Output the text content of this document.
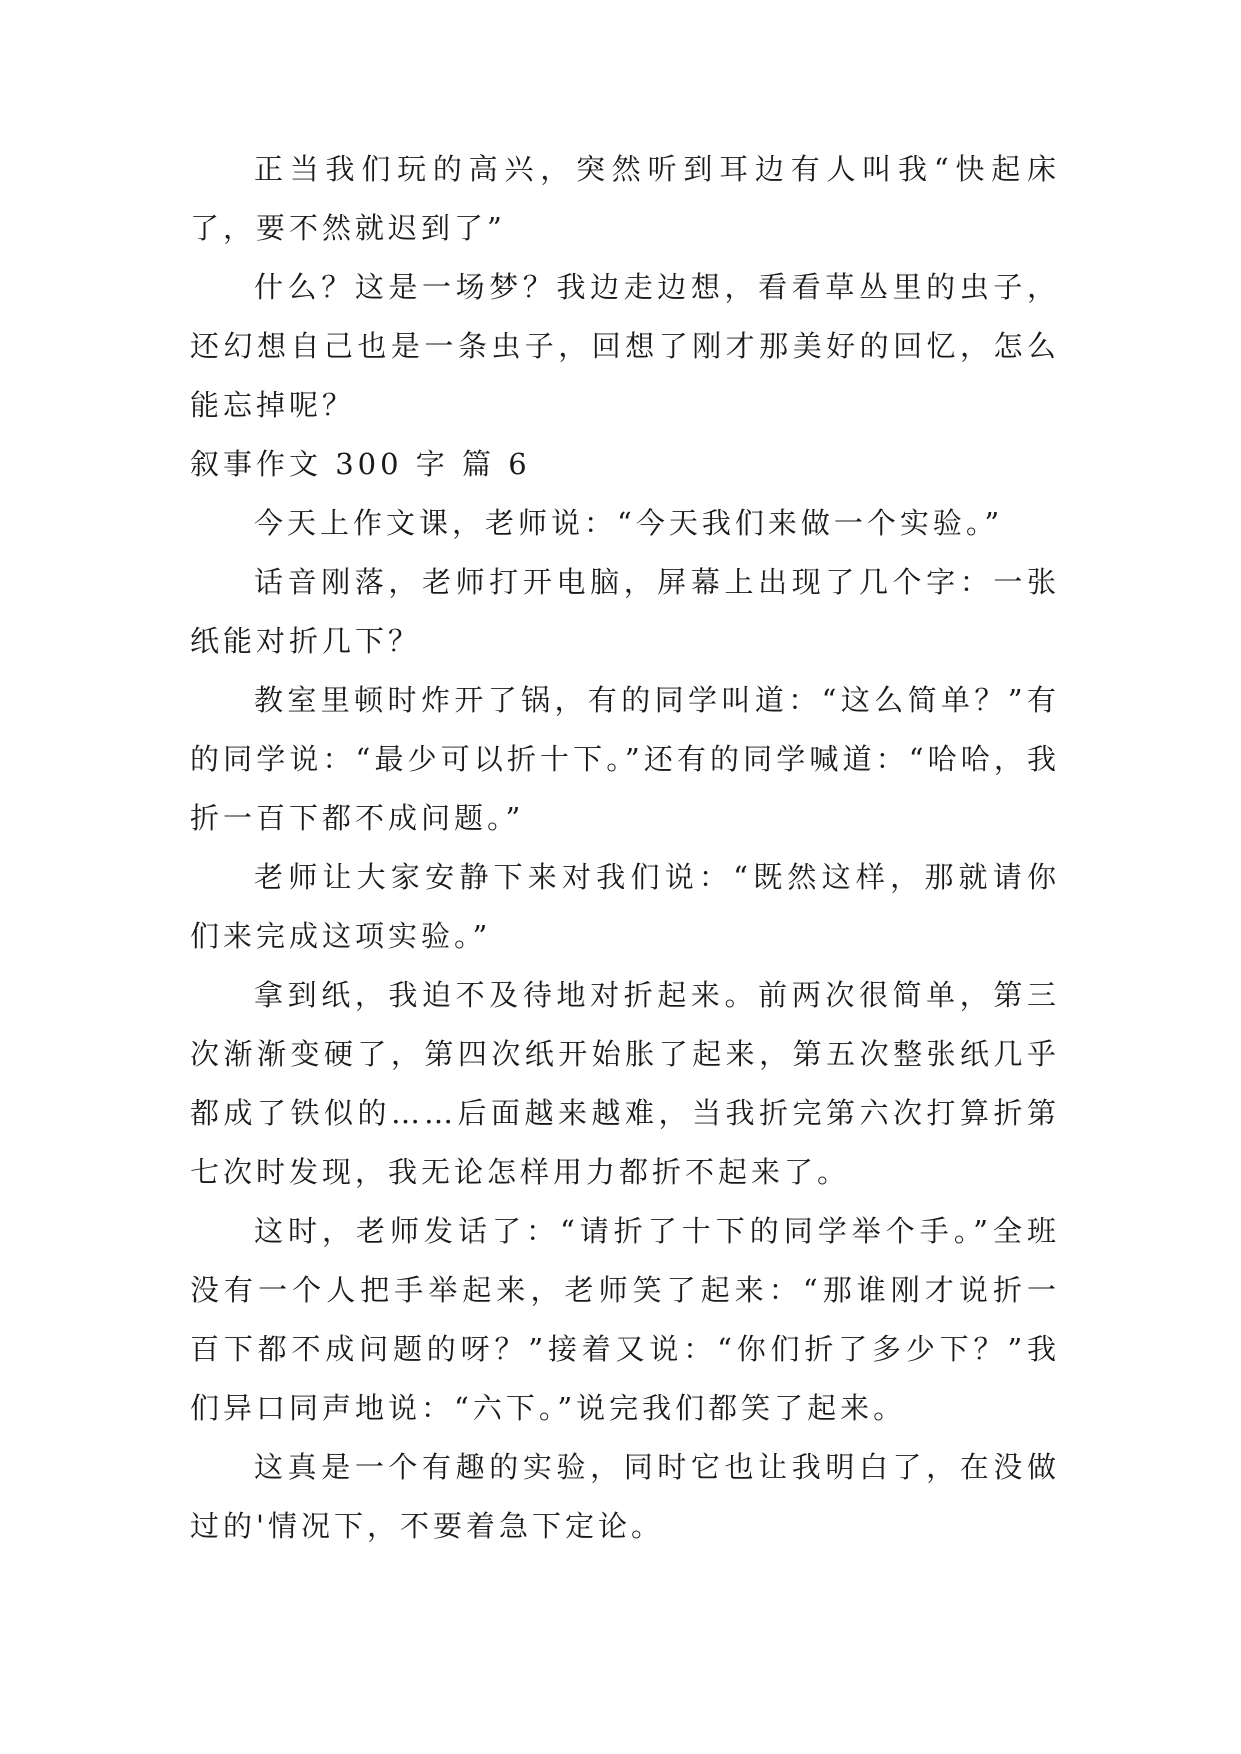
正当我们玩的高兴，突然听到耳边有人叫我“快起床了，要不然就迟到了”

什么？这是一场梦？我边走边想，看看草丛里的虫子，还幻想自己也是一条虫子，回想了刚才那美好的回忆，怎么能忘掉呢？

叙事作文 300 字 篇 6

今天上作文课，老师说：“今天我们来做一个实验。”

话音刚落，老师打开电脑，屏幕上出现了几个字：一张纸能对折几下？

教室里顿时炸开了锅，有的同学叫道：“这么简单？”有的同学说：“最少可以折十下。”还有的同学喊道：“哈哈，我折一百下都不成问题。”

老师让大家安静下来对我们说：“既然这样，那就请你们来完成这项实验。”

拿到纸，我迫不及待地对折起来。前两次很简单，第三次渐渐变硬了，第四次纸开始胀了起来，第五次整张纸几乎都成了铁似的……后面越来越难，当我折完第六次打算折第七次时发现，我无论怎样用力都折不起来了。

这时，老师发话了：“请折了十下的同学举个手。”全班没有一个人把手举起来，老师笑了起来：“那谁刚才说折一百下都不成问题的呀？”接着又说：“你们折了多少下？”我们异口同声地说：“六下。”说完我们都笑了起来。

这真是一个有趣的实验，同时它也让我明白了，在没做过的'情况下，不要着急下定论。
